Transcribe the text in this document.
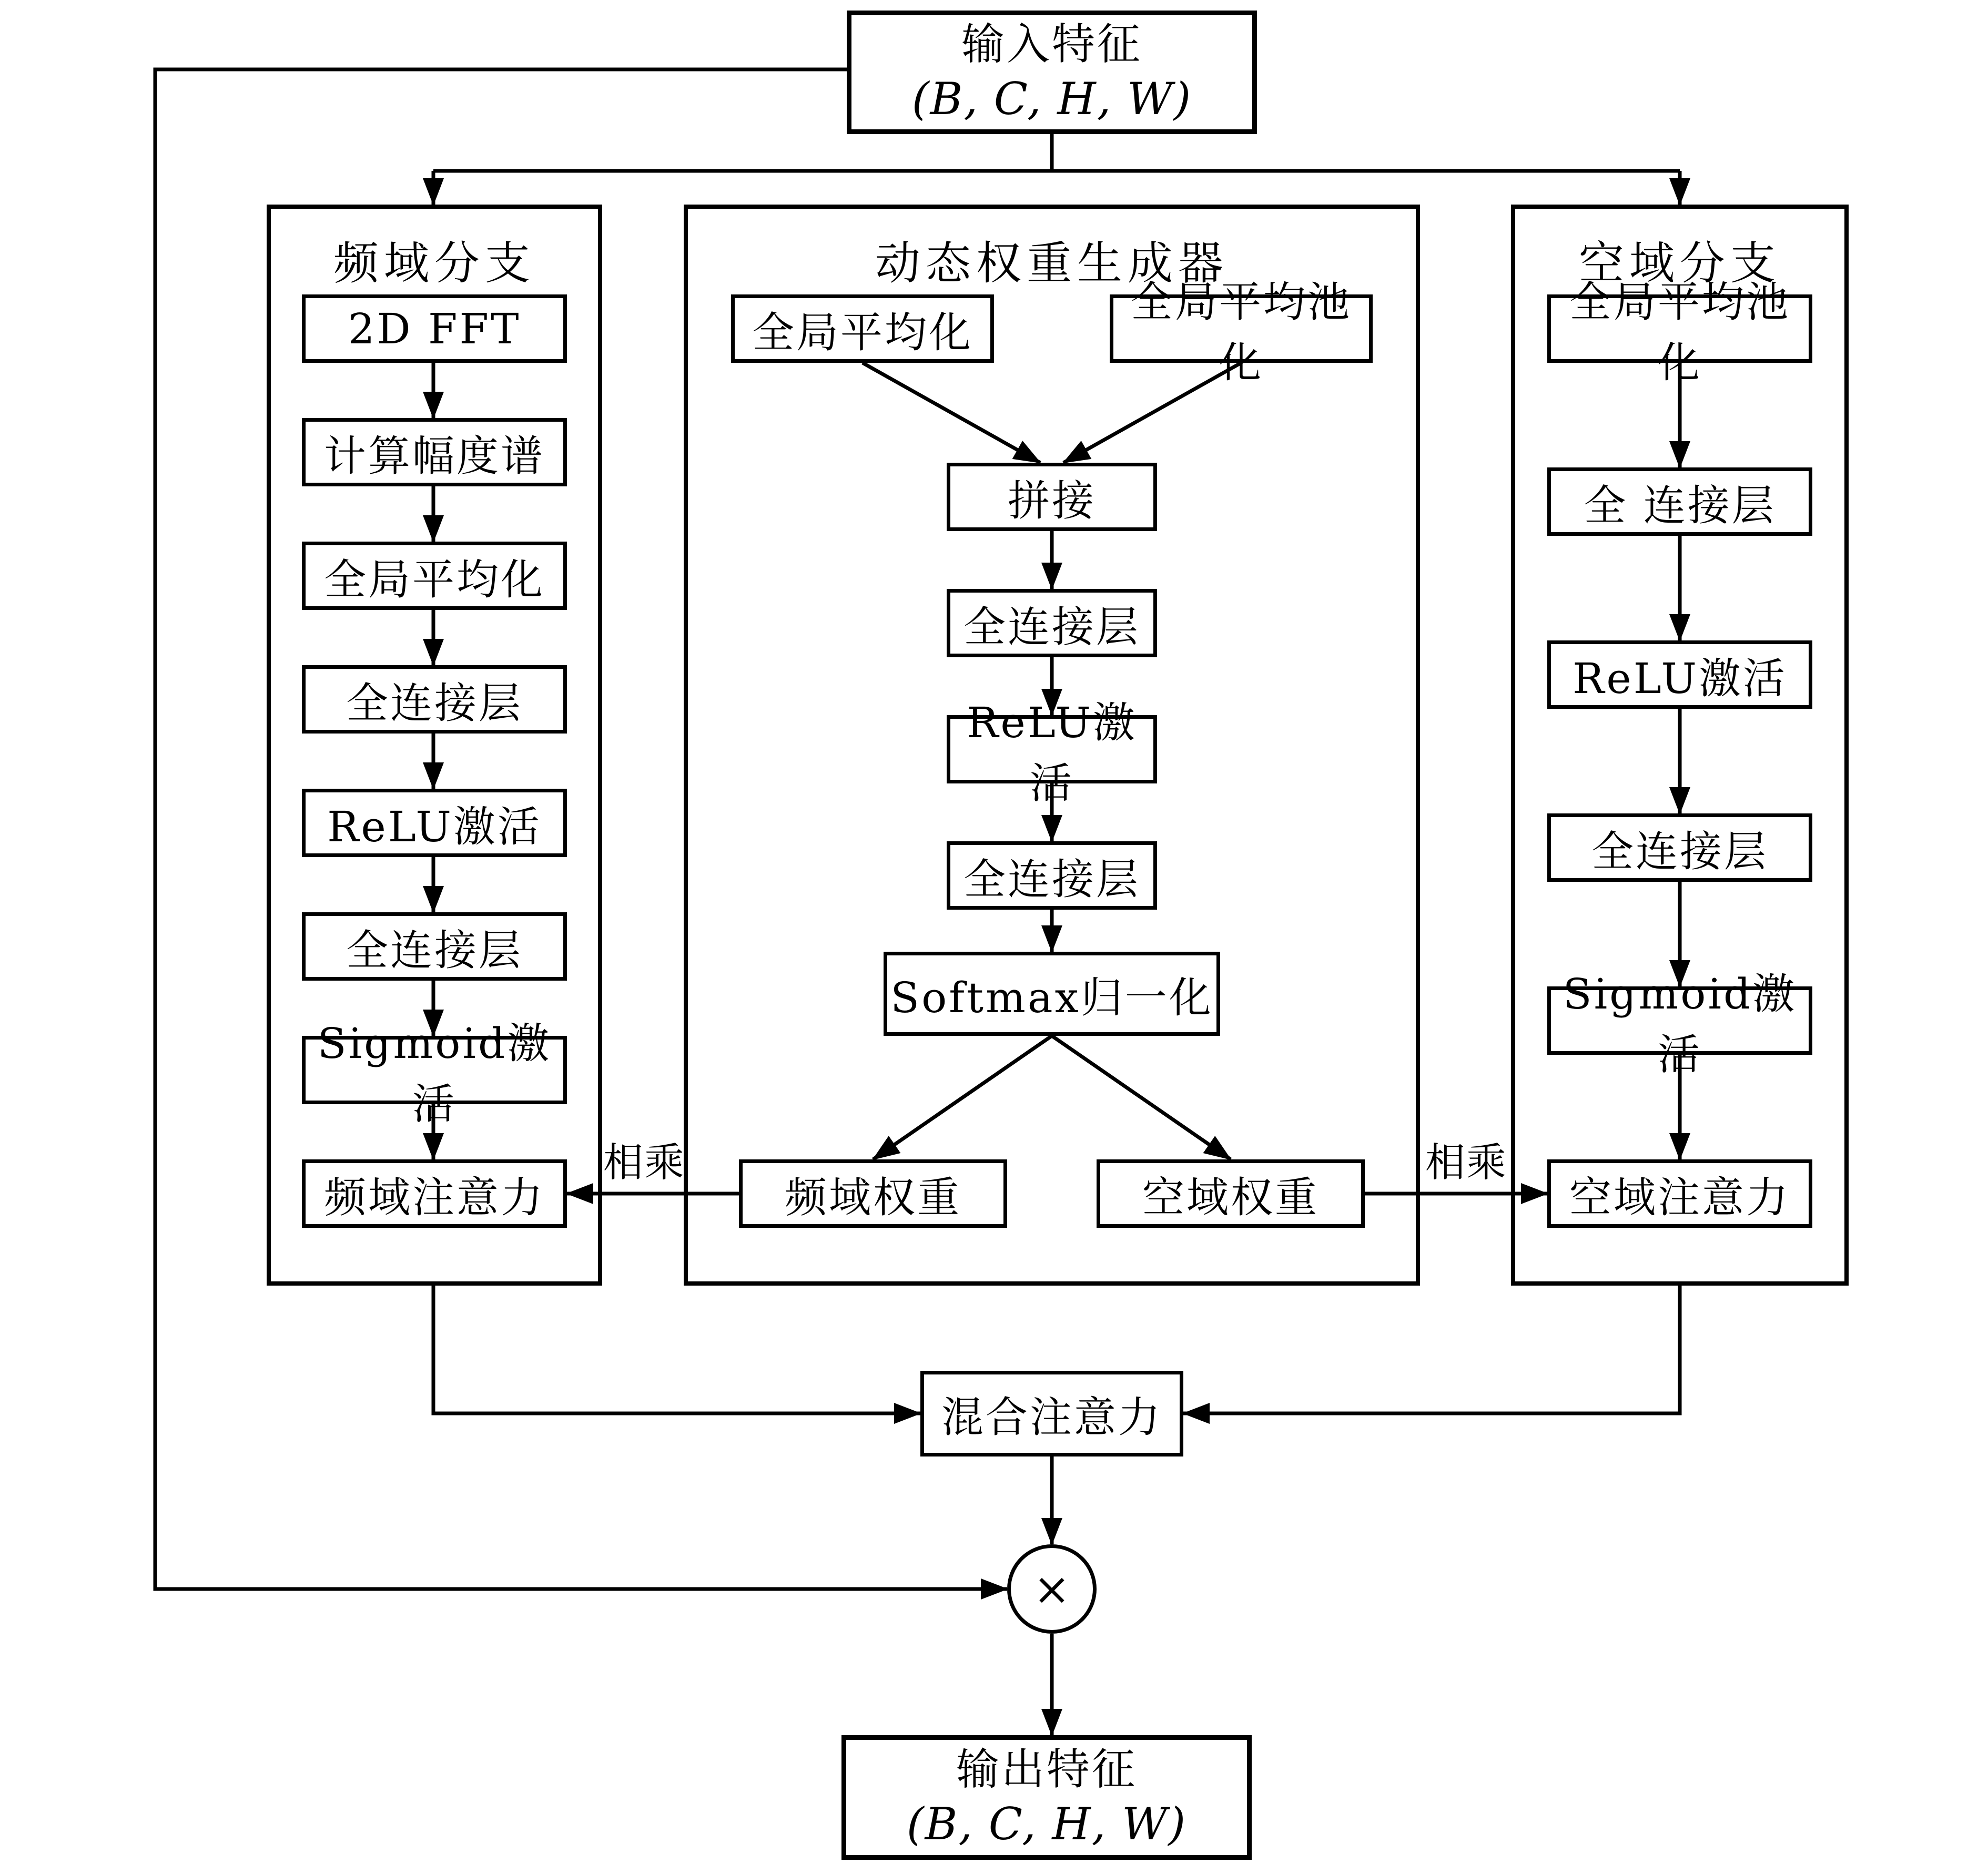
频域分支	动态权重生成器	空域分支
输入特征
(B, C, H, W)
输出特征
(B, C, H, W)
2D FFT
计算幅度谱
全局平均化
全连接层
ReLU激活
全连接层
Sigmoid激活
频域注意力
全局平均化
全局平均池化
拼接
全连接层
ReLU激活
全连接层
Softmax归一化
频域权重	空域权重
全局平均池化
全 连接层
ReLU激活
全连接层
Sigmoid激活
空域注意力
相乘	相乘
混合注意力
×
